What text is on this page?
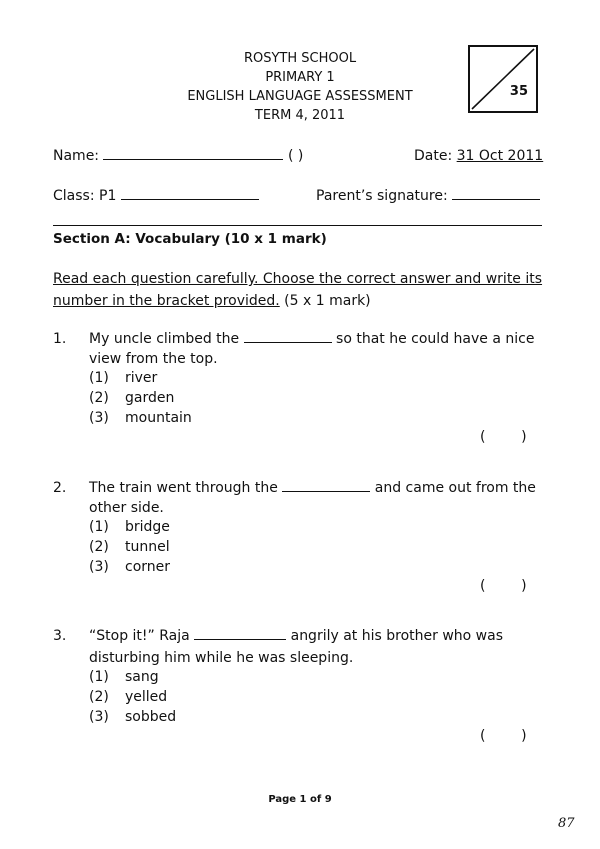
ROSYTH SCHOOL
PRIMARY 1
ENGLISH LANGUAGE ASSESSMENT
TERM 4, 2011
35
Name:	( )	Date: 31 Oct 2011
Class: P1	Parent’s signature:
Section A: Vocabulary (10 x 1 mark)
Read each question carefully. Choose the correct answer and write its
number in the bracket provided. (5 x 1 mark)
1. My uncle climbed the	so that he could have a nice
view from the top.
(1) river
(2) garden
(3) mountain
(        )
2. The train went through the	and came out from the
other side.
(1) bridge
(2) tunnel
(3) corner
(        )
3. “Stop it!” Raja	angrily at his brother who was
disturbing him while he was sleeping.
(1) sang
(2) yelled
(3) sobbed
(        )
Page 1 of 9
87
